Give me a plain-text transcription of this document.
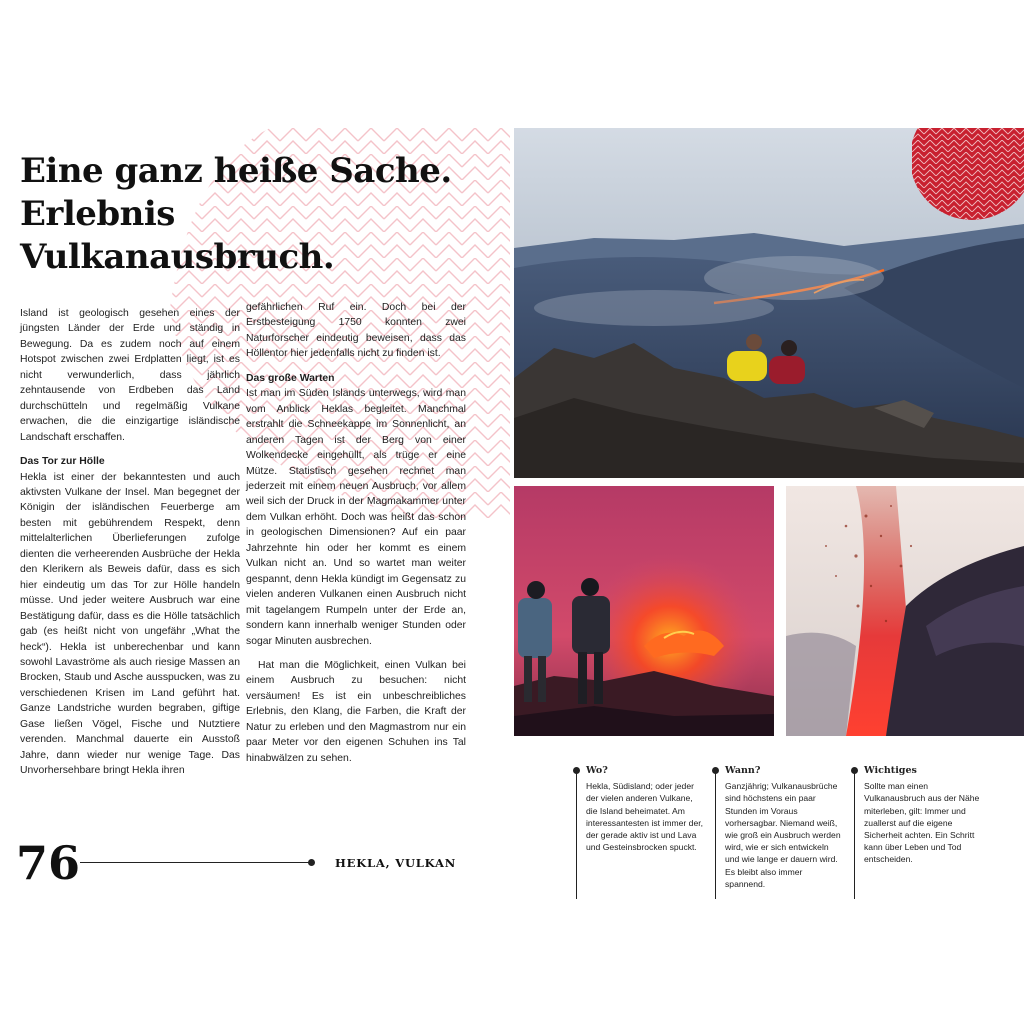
Eine ganz heiße Sache.
Erlebnis
Vulkanausbruch.

Island ist geologisch gesehen eines der jüngsten Länder der Erde und ständig in Bewegung. Da es zudem noch auf einem Hotspot zwischen zwei Erdplatten liegt, ist es nicht verwunderlich, dass jährlich zehntausende von Erdbeben das Land durchschütteln und regelmäßig Vulkane erwachen, die die einzigartige isländische Landschaft erschaffen.

Das Tor zur Hölle

Hekla ist einer der bekanntesten und auch aktivsten Vulkane der Insel. Man begegnet der Königin der isländischen Feuerberge am besten mit gebührendem Respekt, denn mittelalterlichen Überlieferungen zufolge dienten die verheerenden Ausbrüche der Hekla den Klerikern als Beweis dafür, dass es sich hier eindeutig um das Tor zur Hölle handeln müsse. Und jeder weitere Ausbruch war eine Bestätigung dafür, dass es die Hölle tatsächlich gab (es heißt nicht von ungefähr „What the heck“). Hekla ist unberechenbar und kann sowohl Lavaströme als auch riesige Massen an Brocken, Staub und Asche ausspucken, was zu verschiedenen Krisen im Land geführt hat. Ganze Landstriche wurden begraben, giftige Gase ließen Vögel, Fische und Nutztiere verenden. Manchmal dauerte ein Ausstoß Jahre, dann wieder nur wenige Tage. Das Unvorhersehbare bringt Hekla ihren

gefährlichen Ruf ein. Doch bei der Erstbesteigung 1750 konnten zwei Naturforscher eindeutig beweisen, dass das Höllentor hier jedenfalls nicht zu finden ist.

Das große Warten

Ist man im Süden Islands unterwegs, wird man vom Anblick Heklas begleitet. Manchmal erstrahlt die Schneekappe im Sonnenlicht, an anderen Tagen ist der Berg von einer Wolkendecke eingehüllt, als trüge er eine Mütze. Statistisch gesehen rechnet man jederzeit mit einem neuen Ausbruch, vor allem weil sich der Druck in der Magmakammer unter dem Vulkan erhöht. Doch was heißt das schon in geologischen Dimensionen? Auf ein paar Jahrzehnte hin oder her kommt es einem Vulkan nicht an. Und so wartet man weiter gespannt, denn Hekla kündigt im Gegensatz zu vielen anderen Vulkanen einen Ausbruch nicht mit tagelangem Rumpeln unter der Erde an, sondern kann innerhalb weniger Stunden oder sogar Minuten ausbrechen.

Hat man die Möglichkeit, einen Vulkan bei einem Ausbruch zu besuchen: nicht versäumen! Es ist ein unbeschreibliches Erlebnis, den Klang, die Farben, die Kraft der Natur zu erleben und den Magmastrom nur ein paar Meter vor den eigenen Schuhen ins Tal hinabwälzen zu sehen.

76	HEKLA, VULKAN
Wo?

Hekla, Südisland; oder jeder der vielen anderen Vulkane, die Island beheimatet. Am interessantesten ist immer der, der gerade aktiv ist und Lava und Gesteinsbrocken spuckt.

Wann?

Ganzjährig; Vulkanausbrüche sind höchstens ein paar Stunden im Voraus vorhersagbar. Niemand weiß, wie groß ein Ausbruch werden wird, wie er sich entwickeln und wie lange er dauern wird. Es bleibt also immer spannend.

Wichtiges

Sollte man einen Vulkanausbruch aus der Nähe miterleben, gilt: Immer und zuallerst auf die eigene Sicherheit achten. Ein Schritt kann über Leben und Tod entscheiden.
